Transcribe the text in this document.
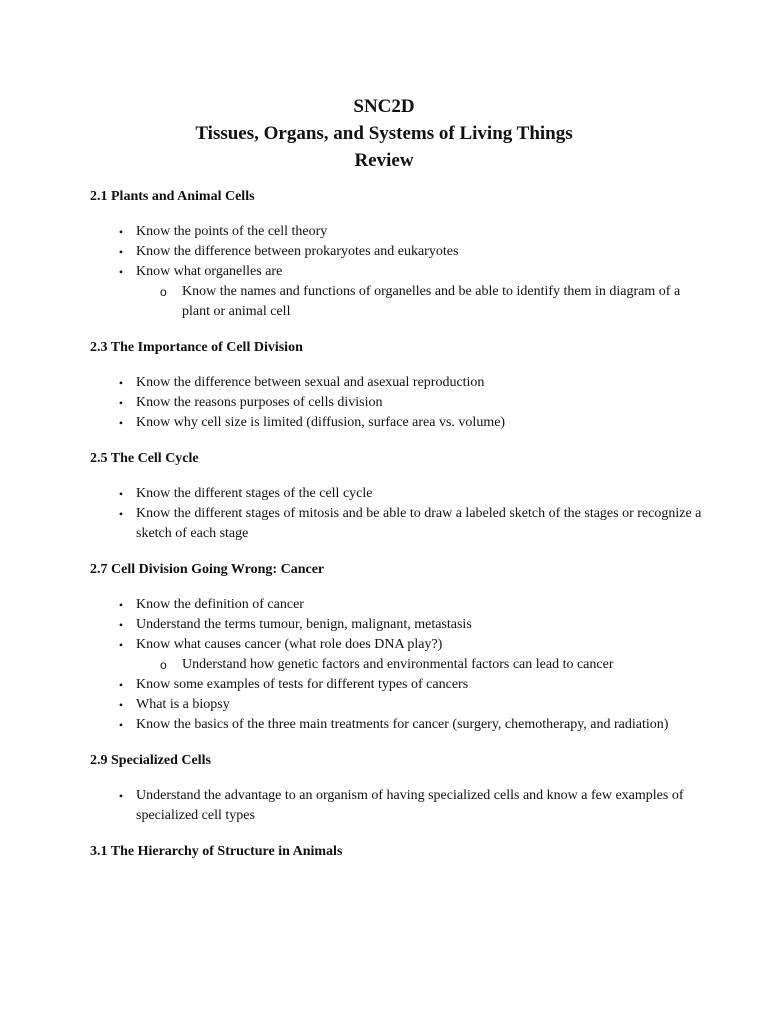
SNC2D
Tissues, Organs, and Systems of Living Things
Review
2.1 Plants and Animal Cells
• Know the points of the cell theory
• Know the difference between prokaryotes and eukaryotes
• Know what organelles are
o Know the names and functions of organelles and be able to identify them in diagram of a plant or animal cell
2.3 The Importance of Cell Division
• Know the difference between sexual and asexual reproduction
• Know the reasons purposes of cells division
• Know why cell size is limited (diffusion, surface area vs. volume)
2.5 The Cell Cycle
• Know the different stages of the cell cycle
• Know the different stages of mitosis and be able to draw a labeled sketch of the stages or recognize a sketch of each stage
2.7 Cell Division Going Wrong: Cancer
• Know the definition of cancer
• Understand the terms tumour, benign, malignant, metastasis
• Know what causes cancer (what role does DNA play?)
o Understand how genetic factors and environmental factors can lead to cancer
• Know some examples of tests for different types of cancers
• What is a biopsy
• Know the basics of the three main treatments for cancer (surgery, chemotherapy, and radiation)
2.9 Specialized Cells
• Understand the advantage to an organism of having specialized cells and know a few examples of specialized cell types
3.1 The Hierarchy of Structure in Animals
